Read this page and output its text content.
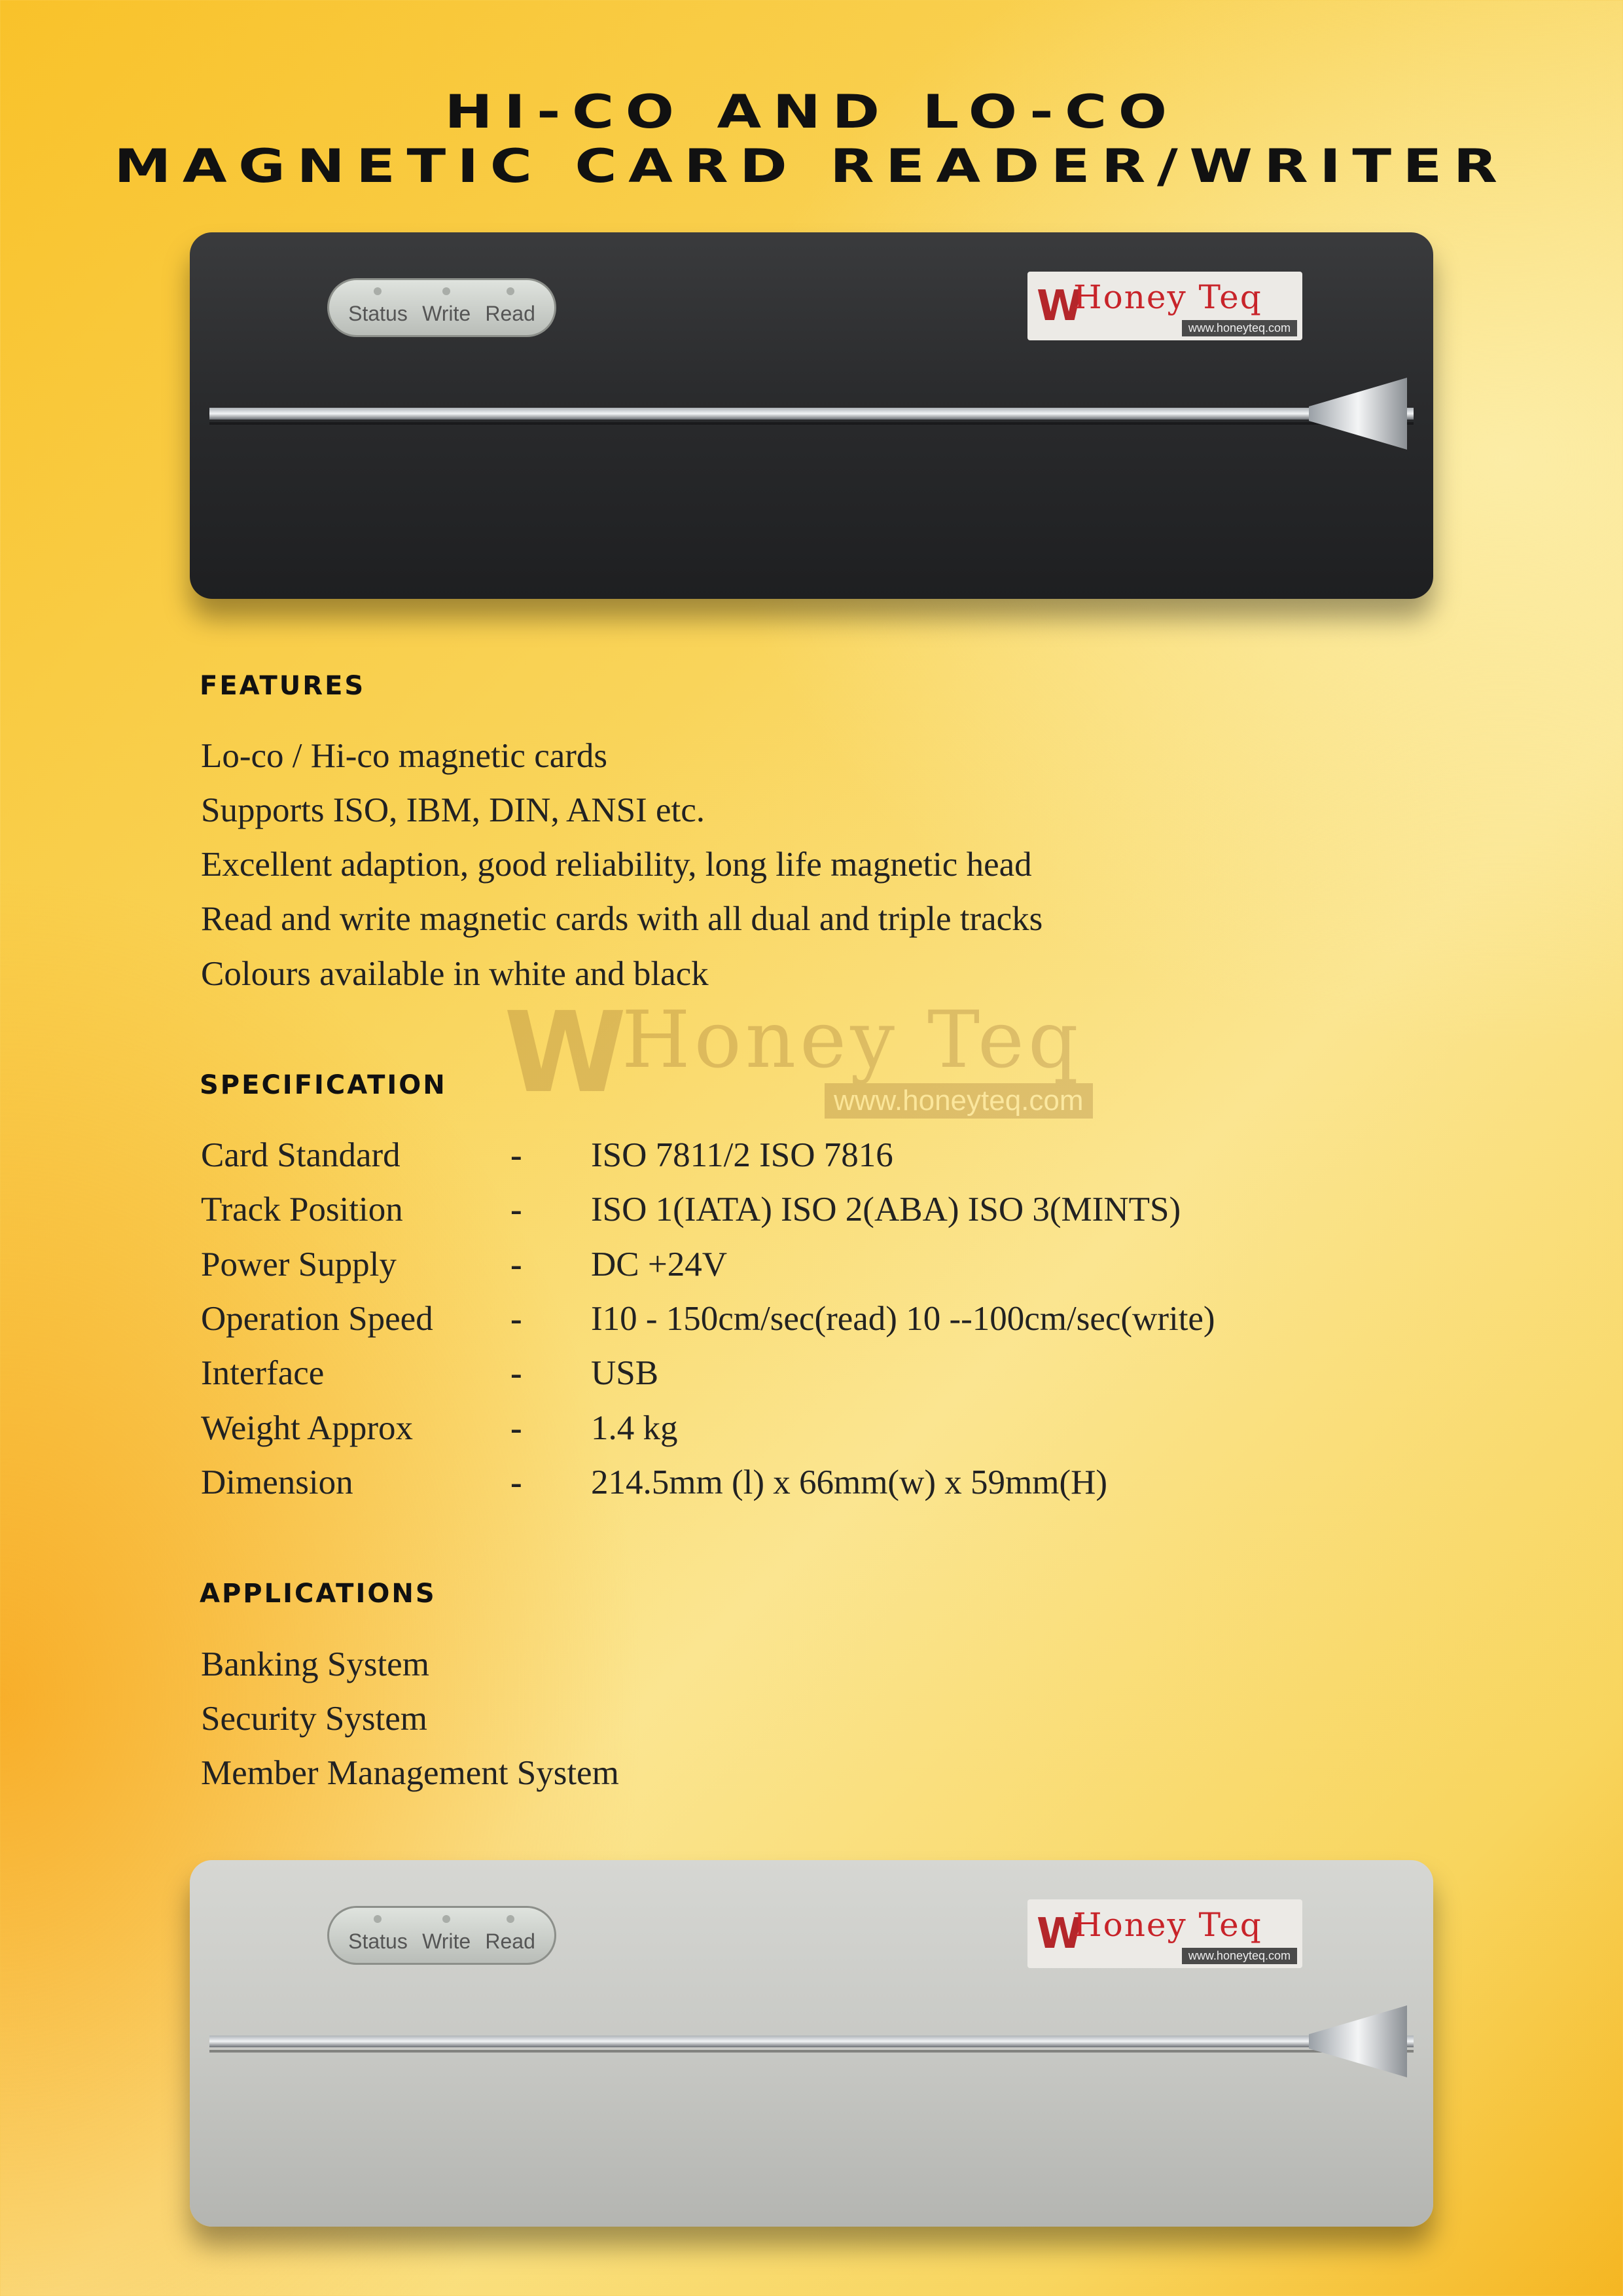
HI-CO AND LO-CO
MAGNETIC CARD READER/WRITER
Status Write Read	W
Honey Teq
www.honeyteq.com
W
Honey Teq
www.honeyteq.com
FEATURES
Lo-co / Hi-co magnetic cards
Supports ISO, IBM, DIN, ANSI etc.
Excellent adaption, good reliability, long life magnetic head
Read and write magnetic cards with all dual and triple tracks
Colours available in white and black
SPECIFICATION
Card Standard	- ISO 7811/2 ISO 7816
Track Position	- ISO 1(IATA) ISO 2(ABA) ISO 3(MINTS)
Power Supply	- DC +24V
Operation Speed - I10 - 150cm/sec(read) 10 --100cm/sec(write)
Interface	- USB
Weight Approx	- 1.4 kg
Dimension	- 214.5mm (l) x 66mm(w) x 59mm(H)
APPLICATIONS
Banking System
Security System
Member Management System
Status Write Read	W
Honey Teq
www.honeyteq.com
